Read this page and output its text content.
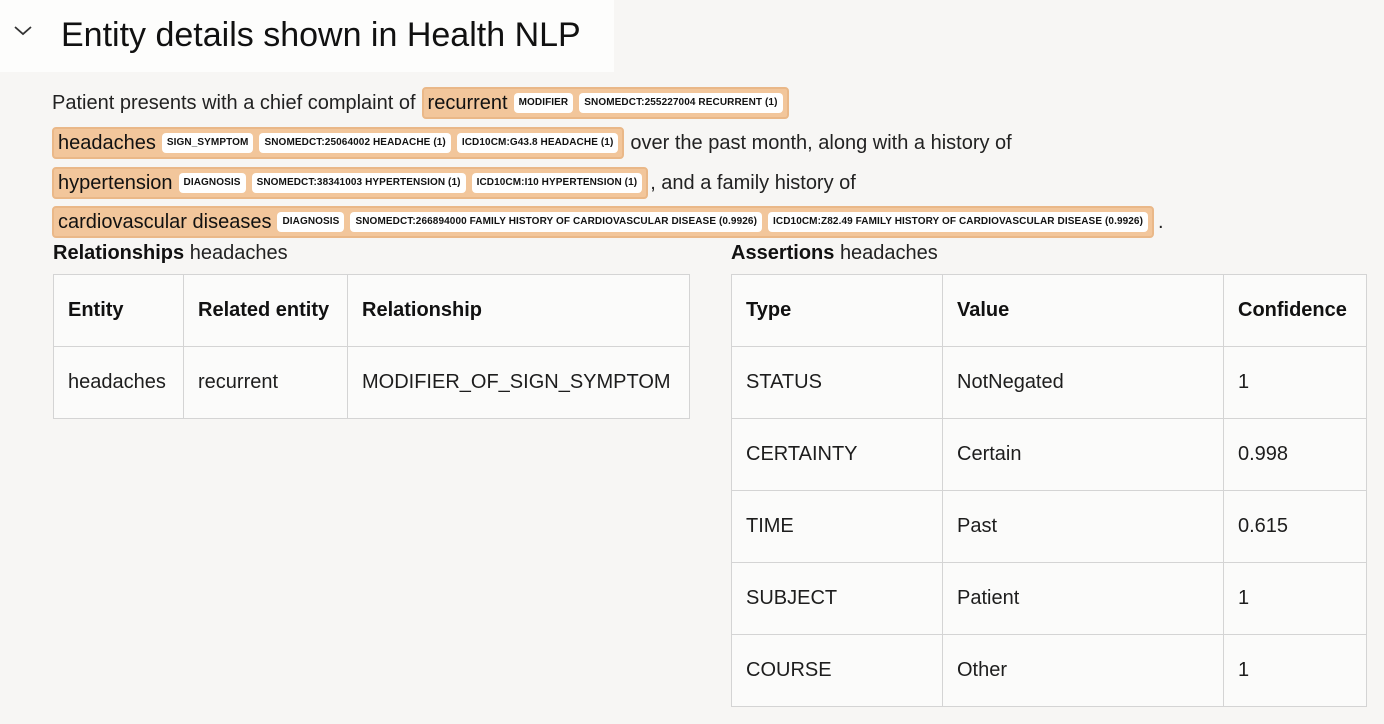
Entity details shown in Health NLP
Patient presents with a chief complaint of recurrent	MODIFIER	SNOMEDCT:255227004 RECURRENT (1)
headaches	SIGN_SYMPTOM	SNOMEDCT:25064002 HEADACHE (1)	ICD10CM:G43.8 HEADACHE (1) over the past month, along with a history of
hypertension	DIAGNOSIS	SNOMEDCT:38341003 HYPERTENSION (1)	ICD10CM:I10 HYPERTENSION (1) , and a family history of
cardiovascular diseases	DIAGNOSIS	SNOMEDCT:266894000 FAMILY HISTORY OF CARDIOVASCULAR DISEASE (0.9926)	ICD10CM:Z82.49 FAMILY HISTORY OF CARDIOVASCULAR DISEASE (0.9926) .
Relationships headaches	Assertions headaches
Entity	Related entity	Relationship
headaches	recurrent	MODIFIER_OF_SIGN_SYMPTOM
Type	Value	Confidence
STATUS	NotNegated	1
CERTAINTY	Certain	0.998
TIME	Past	0.615
SUBJECT	Patient	1
COURSE	Other	1
